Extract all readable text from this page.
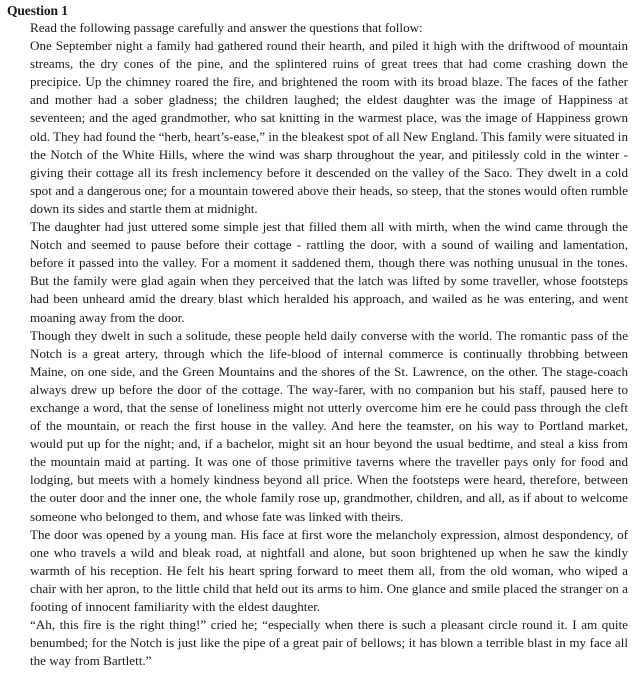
Question 1

Read the following passage carefully and answer the questions that follow:

One September night a family had gathered round their hearth, and piled it high with the driftwood of mountain streams, the dry cones of the pine, and the splintered ruins of great trees that had come crashing down the precipice. Up the chimney roared the fire, and brightened the room with its broad blaze. The faces of the father and mother had a sober gladness; the children laughed; the eldest daughter was the image of Happiness at seventeen; and the aged grandmother, who sat knitting in the warmest place, was the image of Happiness grown old. They had found the “herb, heart’s-ease,” in the bleakest spot of all New England. This family were situated in the Notch of the White Hills, where the wind was sharp throughout the year, and pitilessly cold in the winter - giving their cottage all its fresh inclemency before it descended on the valley of the Saco. They dwelt in a cold spot and a dangerous one; for a mountain towered above their heads, so steep, that the stones would often rumble down its sides and startle them at midnight.

The daughter had just uttered some simple jest that filled them all with mirth, when the wind came through the Notch and seemed to pause before their cottage - rattling the door, with a sound of wailing and lamentation, before it passed into the valley. For a moment it saddened them, though there was nothing unusual in the tones. But the family were glad again when they perceived that the latch was lifted by some traveller, whose footsteps had been unheard amid the dreary blast which heralded his approach, and wailed as he was entering, and went moaning away from the door.

Though they dwelt in such a solitude, these people held daily converse with the world. The romantic pass of the Notch is a great artery, through which the life-blood of internal commerce is continually throbbing between Maine, on one side, and the Green Mountains and the shores of the St. Lawrence, on the other. The stage-coach always drew up before the door of the cottage. The way-farer, with no companion but his staff, paused here to exchange a word, that the sense of loneliness might not utterly overcome him ere he could pass through the cleft of the mountain, or reach the first house in the valley. And here the teamster, on his way to Portland market, would put up for the night; and, if a bachelor, might sit an hour beyond the usual bedtime, and steal a kiss from the mountain maid at parting. It was one of those primitive taverns where the traveller pays only for food and lodging, but meets with a homely kindness beyond all price. When the footsteps were heard, therefore, between the outer door and the inner one, the whole family rose up, grandmother, children, and all, as if about to welcome someone who belonged to them, and whose fate was linked with theirs.

The door was opened by a young man. His face at first wore the melancholy expression, almost despondency, of one who travels a wild and bleak road, at nightfall and alone, but soon brightened up when he saw the kindly warmth of his reception. He felt his heart spring forward to meet them all, from the old woman, who wiped a chair with her apron, to the little child that held out its arms to him. One glance and smile placed the stranger on a footing of innocent familiarity with the eldest daughter.

“Ah, this fire is the right thing!” cried he; “especially when there is such a pleasant circle round it. I am quite benumbed; for the Notch is just like the pipe of a great pair of bellows; it has blown a terrible blast in my face all the way from Bartlett.”
